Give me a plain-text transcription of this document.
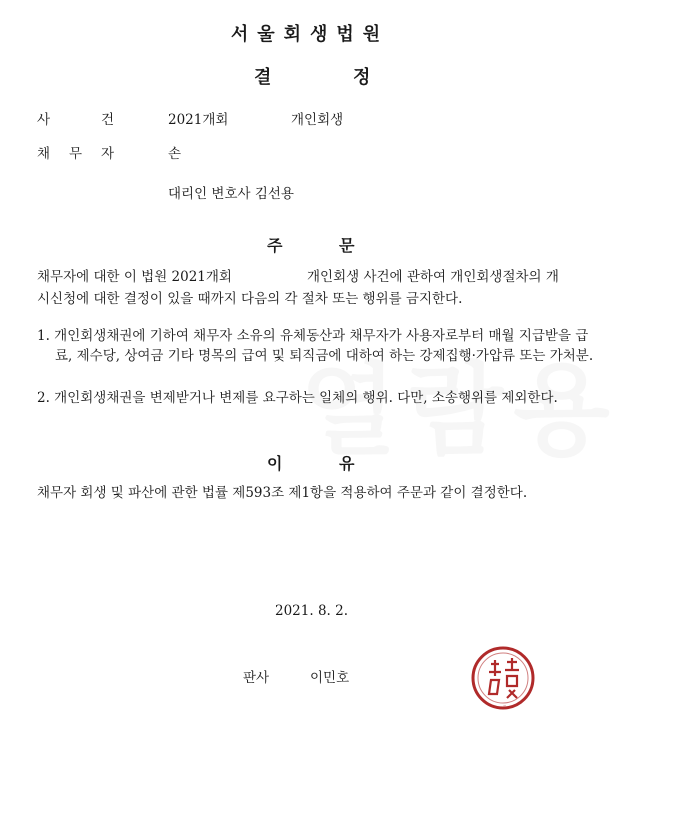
서울회생법원
결	정
사	건	2021개회	개인회생
채 무 자	손
대리인 변호사 김선용
주	문
채무자에 대한 이 법원 2021개회	개인회생 사건에 관하여 개인회생절차의 개
시신청에 대한 결정이 있을 때까지 다음의 각 절차 또는 행위를 금지한다.
1. 개인회생채권에 기하여 채무자 소유의 유체동산과 채무자가 사용자로부터 매월 지급받을 급료, 제수당, 상여금 기타 명목의 급여 및 퇴직금에 대하여 하는 강제집행·가압류 또는 가처분.
2. 개인회생채권을 변제받거나 변제를 요구하는 일체의 행위. 다만, 소송행위를 제외한다.
이	유
채무자 회생 및 파산에 관한 법률 제593조 제1항을 적용하여 주문과 같이 결정한다.
2021. 8. 2.
판사	이민호
法院印
